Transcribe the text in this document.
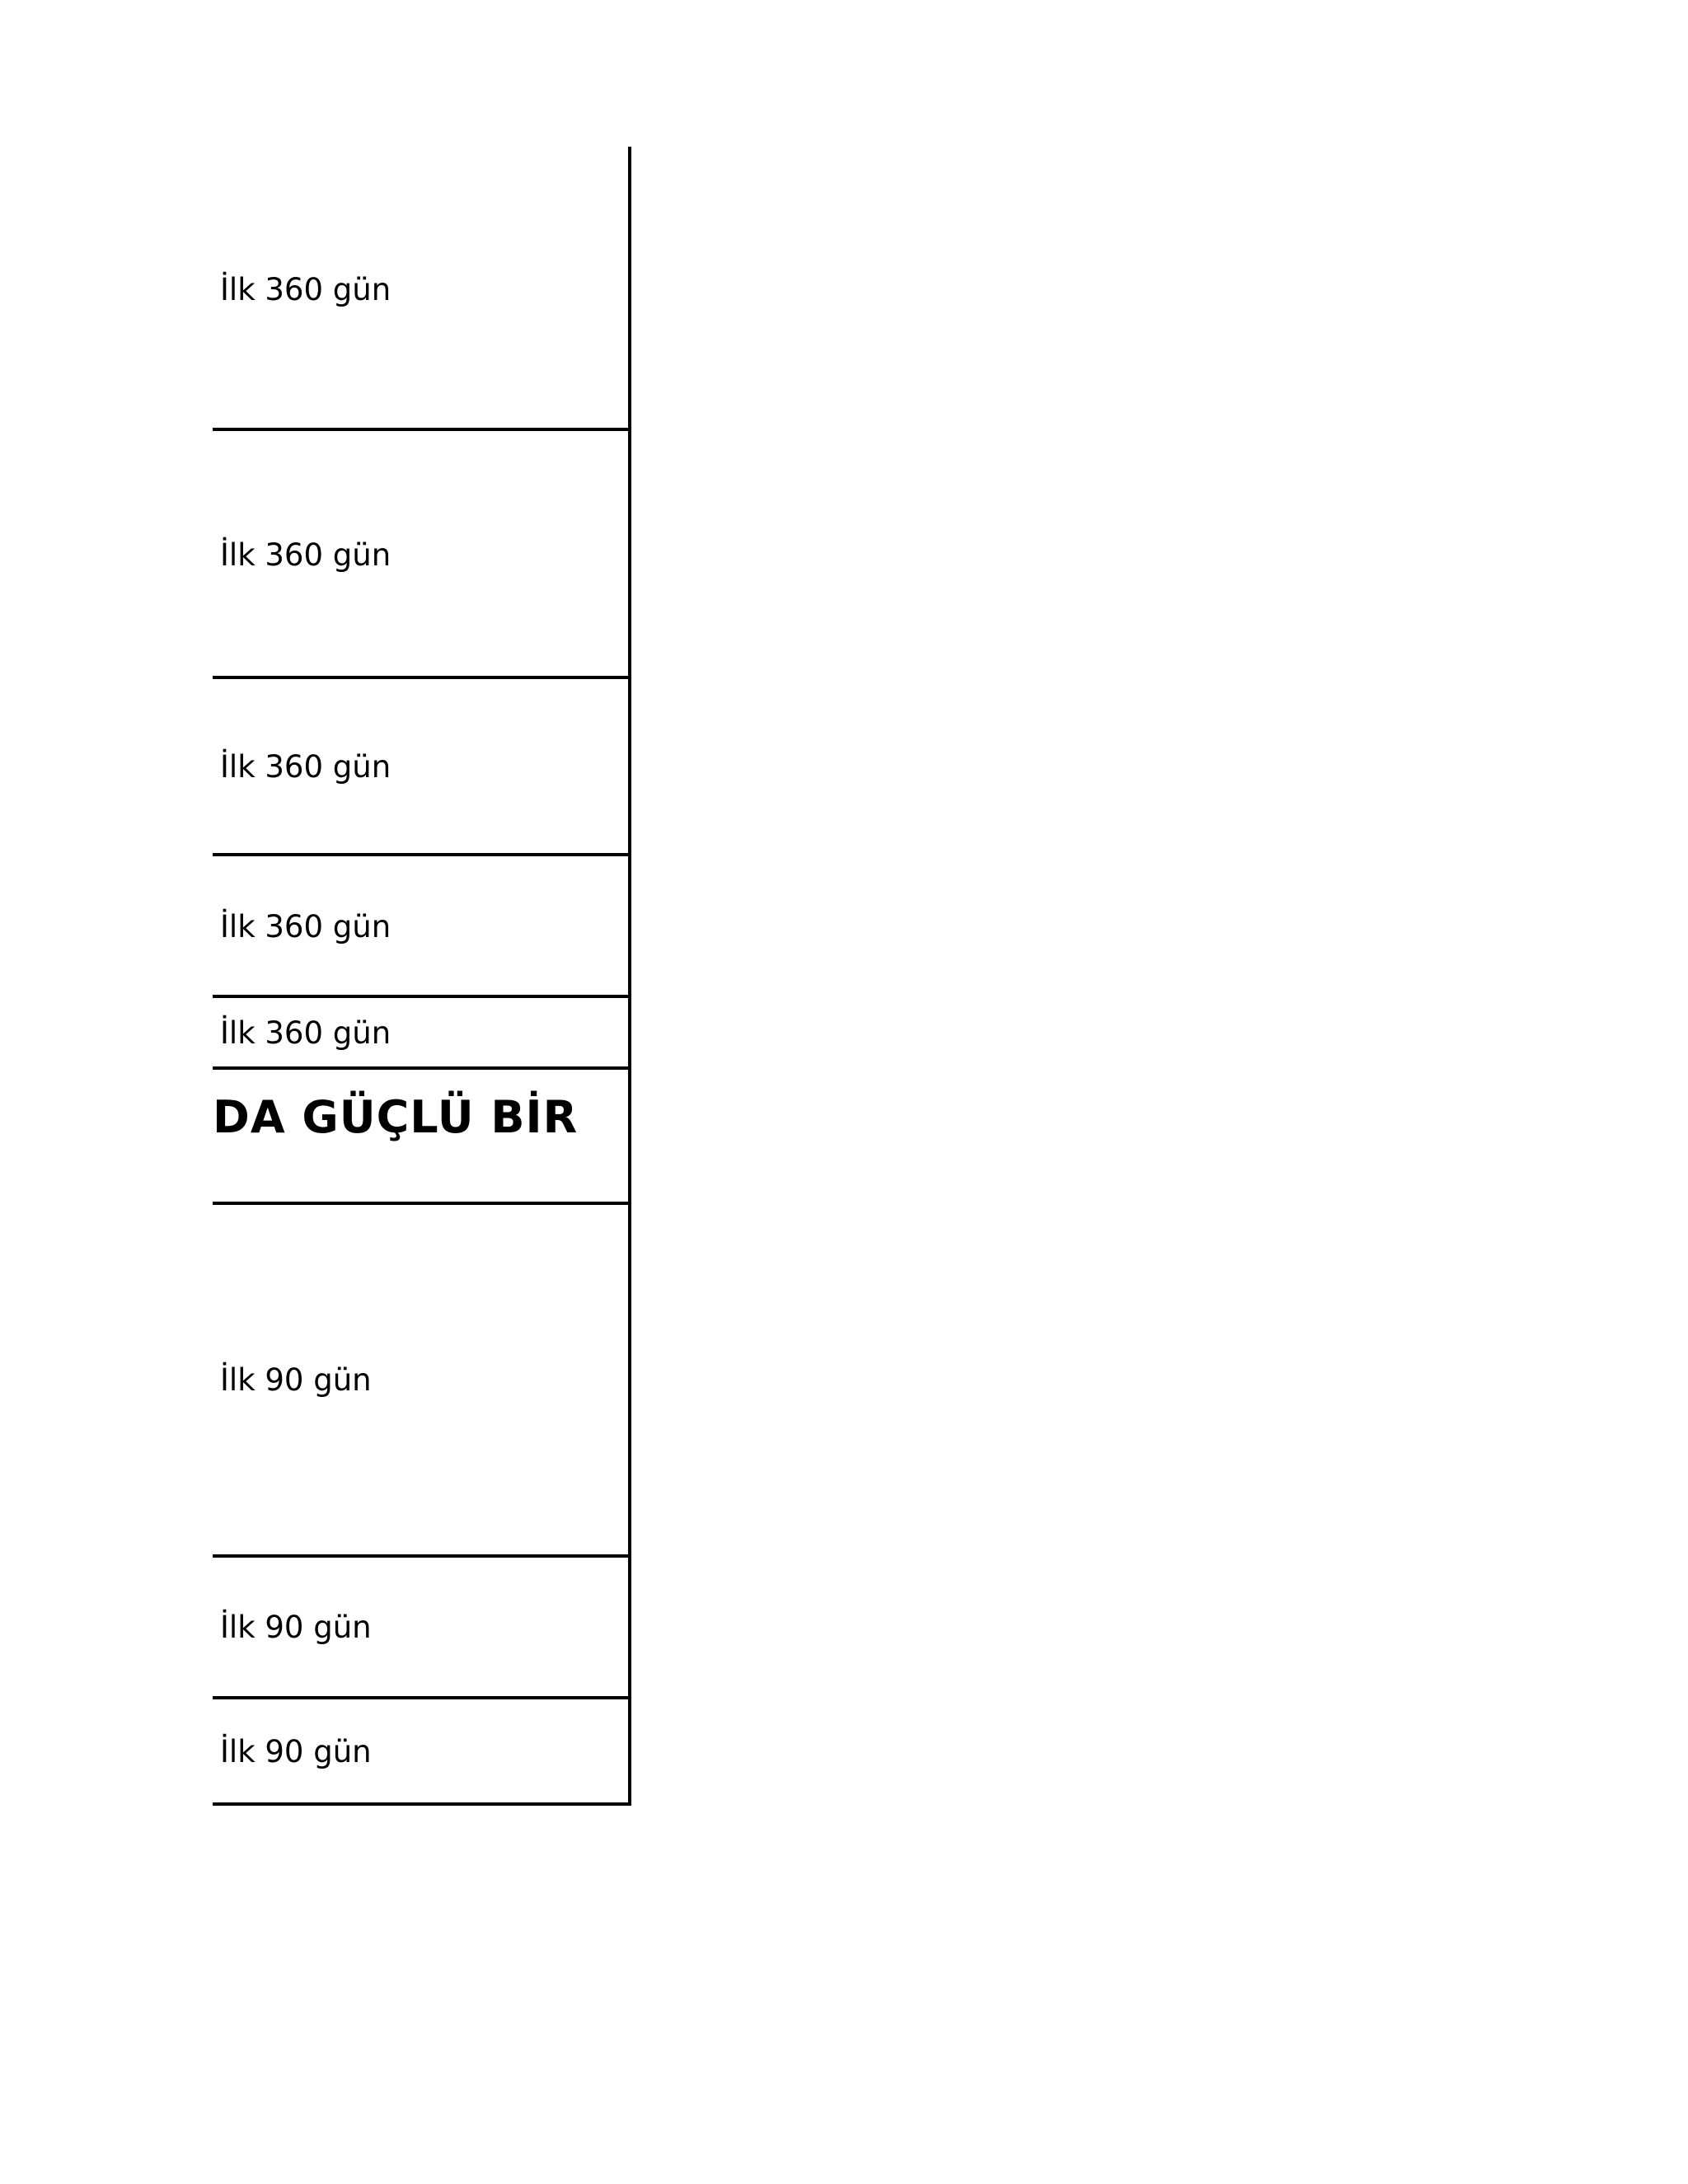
İlk 360 gün
İlk 360 gün
İlk 360 gün
İlk 360 gün
İlk 360 gün
DA GÜÇLÜ BİR
İlk 90 gün
İlk 90 gün
İlk 90 gün
